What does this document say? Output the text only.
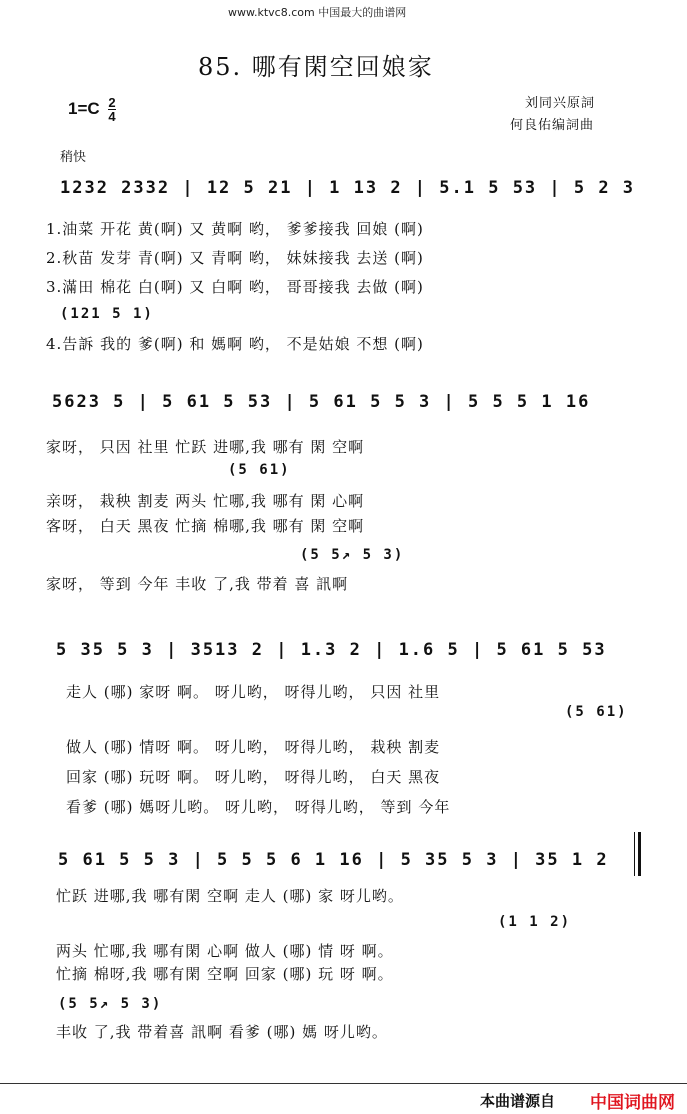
www.ktvc8.com 中国最大的曲谱网
85. 哪有閑空回娘家
$1=C \frac{2}{4}$	刘同兴原詞
何良佑编詞曲
稍快
1232 2332 | 12 5 21 | 1 13 2 | 5.1 5 53 | 5 2 3
1.油菜 开花 黄(啊) 又 黄啊 哟， 爹爹接我 回娘 (啊)
2.秋苗 发芽 青(啊) 又 青啊 哟， 妹妹接我 去送 (啊)
3.滿田 棉花 白(啊) 又 白啊 哟， 哥哥接我 去做 (啊)
(121 5 1)
4.告訴 我的 爹(啊) 和 媽啊 哟， 不是姑娘 不想 (啊)
5623 5 | 5 61 5 53 | 5 61 5 5 3 | 5 5 5 1 16
家呀， 只因 社里 忙跃 进哪,我 哪有 閑 空啊
(5 61)
亲呀， 栽秧 割麦 两头 忙哪,我 哪有 閑 心啊
客呀， 白天 黑夜 忙摘 棉哪,我 哪有 閑 空啊
(5 5↗ 5 3)
家呀， 等到 今年 丰收 了,我 带着 喜 訊啊
5 35 5 3 | 3513 2 | 1.3 2 | 1.6 5 | 5 61 5 53
走人 (哪) 家呀 啊。 呀儿哟， 呀得儿哟， 只因 社里
(5 61)
做人 (哪) 情呀 啊。 呀儿哟， 呀得儿哟， 栽秧 割麦
回家 (哪) 玩呀 啊。 呀儿哟， 呀得儿哟， 白天 黑夜
看爹 (哪) 媽呀儿哟。 呀儿哟， 呀得儿哟， 等到 今年
5 61 5 5 3 | 5 5 5 6 1 16 | 5 35 5 3 | 35 1 2
忙跃 进哪,我 哪有閑 空啊 走人 (哪) 家 呀儿哟。
(1 1 2)
两头 忙哪,我 哪有閑 心啊 做人 (哪) 情 呀 啊。
忙摘 棉呀,我 哪有閑 空啊 回家 (哪) 玩 呀 啊。
(5 5↗ 5 3)
丰收 了,我 带着喜 訊啊 看爹 (哪) 媽 呀儿哟。
本曲谱源自 中国词曲网
